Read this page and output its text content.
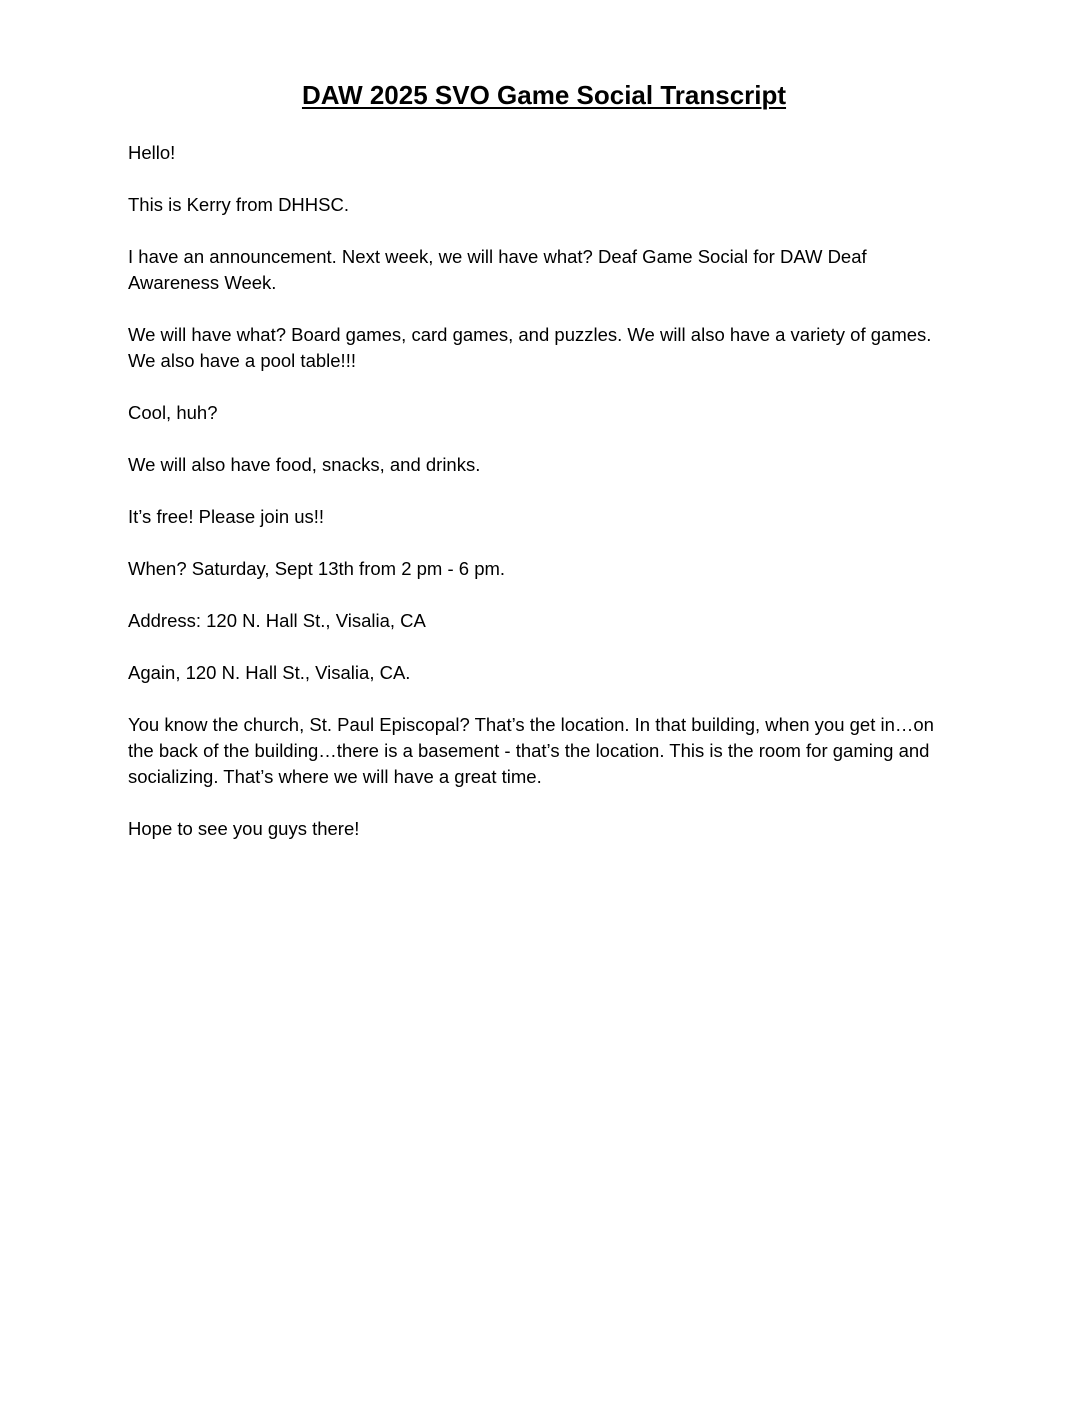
DAW 2025 SVO Game Social Transcript

Hello!

This is Kerry from DHHSC.

I have an announcement. Next week, we will have what? Deaf Game Social for DAW Deaf Awareness Week.

We will have what? Board games, card games, and puzzles. We will also have a variety of games. We also have a pool table!!!

Cool, huh?

We will also have food, snacks, and drinks.

It’s free! Please join us!!

When? Saturday, Sept 13th from 2 pm - 6 pm.

Address: 120 N. Hall St., Visalia, CA

Again, 120 N. Hall St., Visalia, CA.

You know the church, St. Paul Episcopal? That’s the location. In that building, when you get in…on the back of the building…there is a basement - that’s the location. This is the room for gaming and socializing. That’s where we will have a great time.

Hope to see you guys there!
